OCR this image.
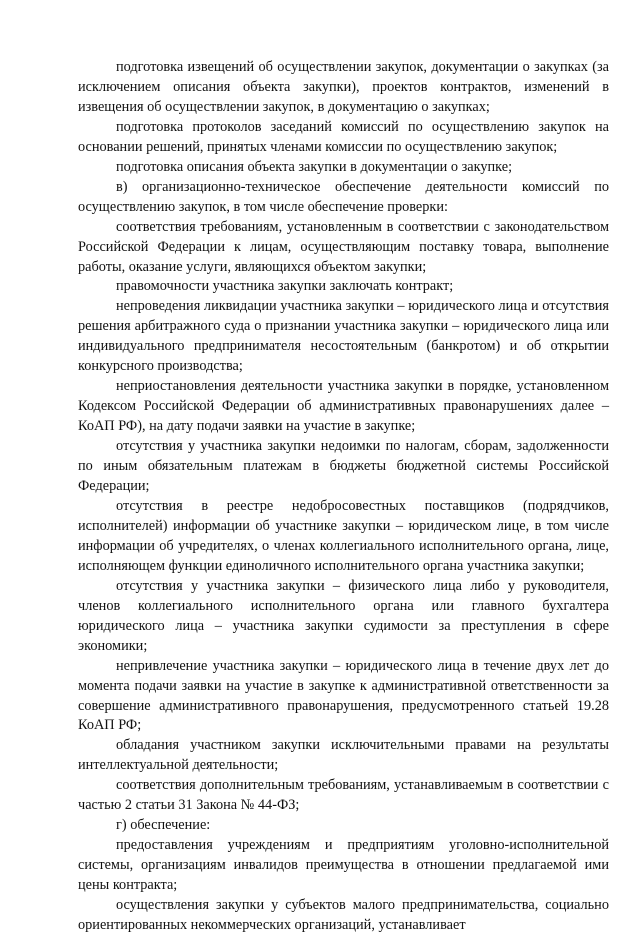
подготовка извещений об осуществлении закупок, документации о закупках (за исключением описания объекта закупки), проектов контрактов, изменений в извещения об осуществлении закупок, в документацию о закупках;

подготовка протоколов заседаний комиссий по осуществлению закупок на основании решений, принятых членами комиссии по осуществлению закупок;

подготовка описания объекта закупки в документации о закупке;

в) организационно-техническое обеспечение деятельности комиссий по осуществлению закупок, в том числе обеспечение проверки:

соответствия требованиям, установленным в соответствии с законодательством Российской Федерации к лицам, осуществляющим поставку товара, выполнение работы, оказание услуги, являющихся объектом закупки;

правомочности участника закупки заключать контракт;

непроведения ликвидации участника закупки – юридического лица и отсутствия решения арбитражного суда о признании участника закупки – юридического лица или индивидуального предпринимателя несостоятельным (банкротом) и об открытии конкурсного производства;

неприостановления деятельности участника закупки в порядке, установленном Кодексом Российской Федерации об административных правонарушениях далее – КоАП РФ), на дату подачи заявки на участие в закупке;

отсутствия у участника закупки недоимки по налогам, сборам, задолженности по иным обязательным платежам в бюджеты бюджетной системы Российской Федерации;

отсутствия в реестре недобросовестных поставщиков (подрядчиков, исполнителей) информации об участнике закупки – юридическом лице, в том числе информации об учредителях, о членах коллегиального исполнительного органа, лице, исполняющем функции единоличного исполнительного органа участника закупки;

отсутствия у участника закупки – физического лица либо у руководителя, членов коллегиального исполнительного органа или главного бухгалтера юридического лица – участника закупки судимости за преступления в сфере экономики;

непривлечение участника закупки – юридического лица в течение двух лет до момента подачи заявки на участие в закупке к административной ответственности за совершение административного правонарушения, предусмотренного статьей 19.28 КоАП РФ;

обладания участником закупки исключительными правами на результаты интеллектуальной деятельности;

соответствия дополнительным требованиям, устанавливаемым в соответствии с частью 2 статьи 31 Закона № 44-ФЗ;

г) обеспечение:

предоставления учреждениям и предприятиям уголовно-исполнительной системы, организациям инвалидов преимущества в отношении предлагаемой ими цены контракта;

осуществления закупки у субъектов малого предпринимательства, социально ориентированных некоммерческих организаций, устанавливает
